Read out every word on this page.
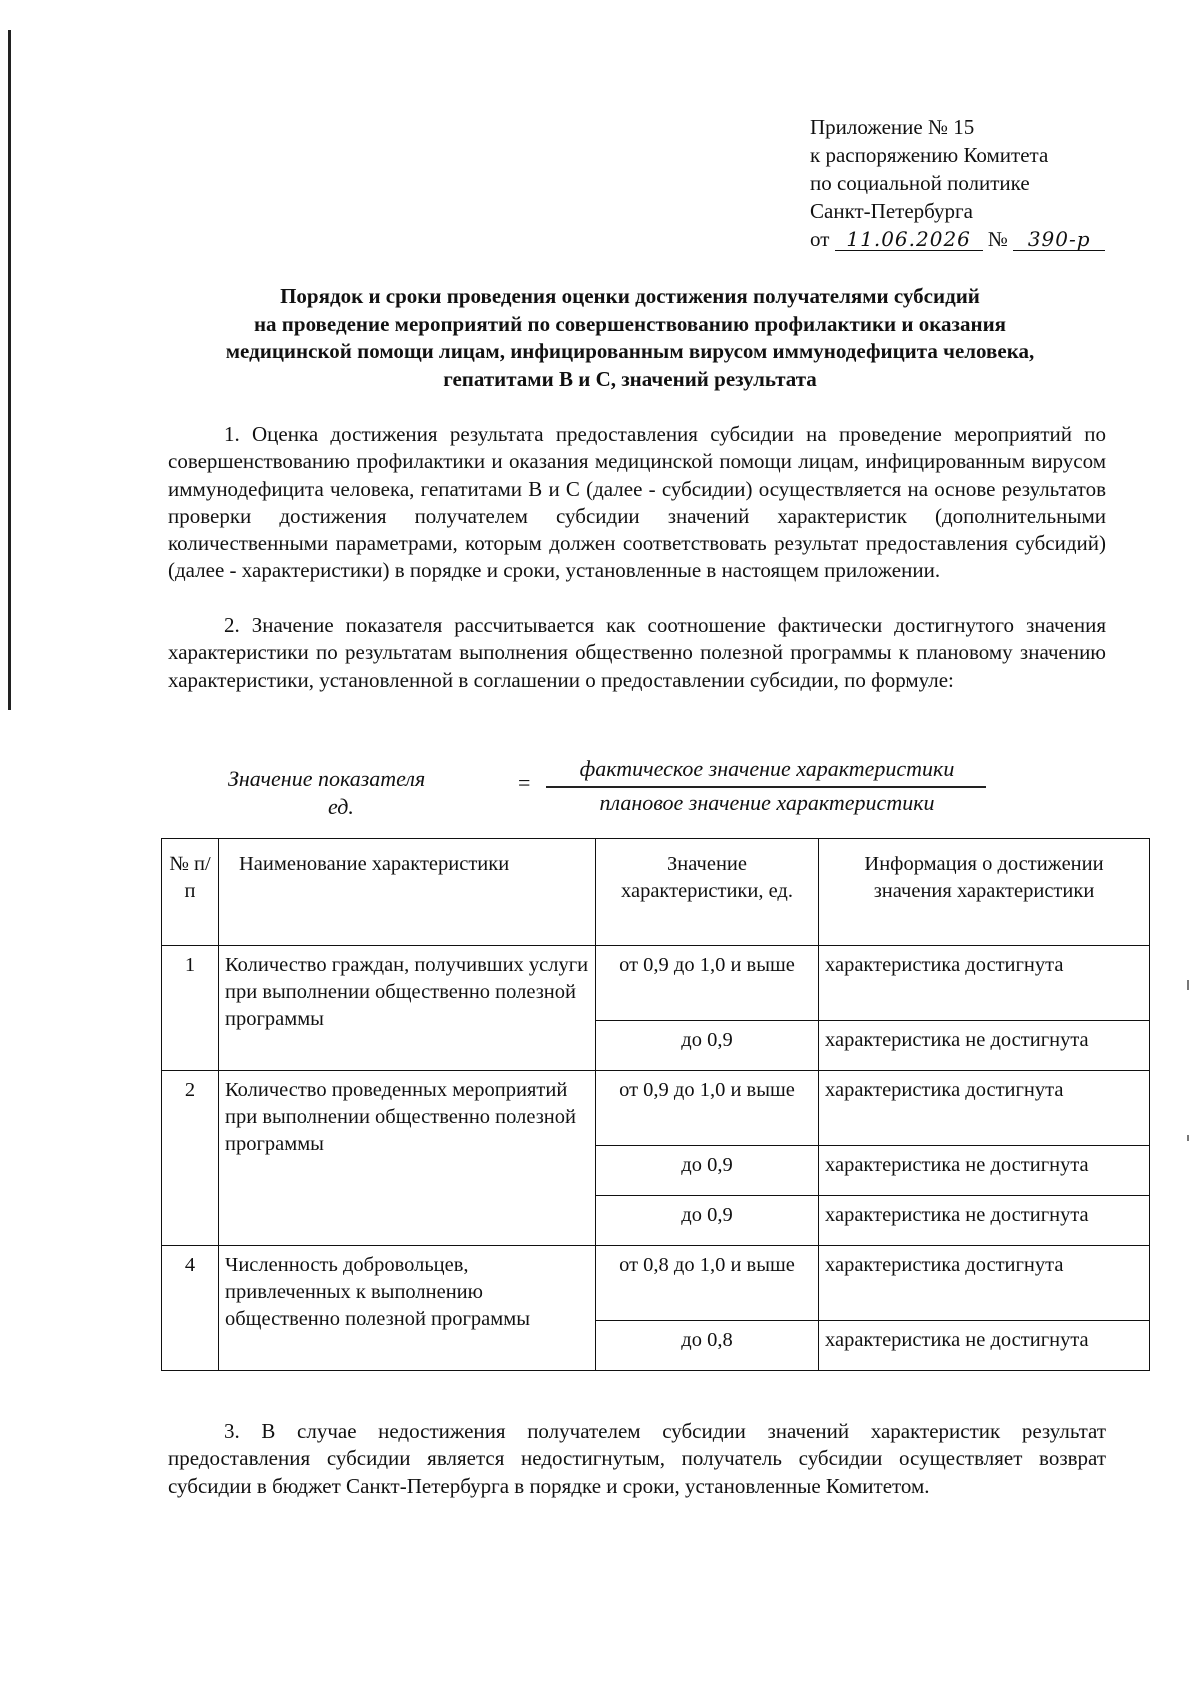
Приложение № 15
к распоряжению Комитета
по социальной политике
Санкт-Петербурга
от 11.06.2026 № 390-р
Порядок и сроки проведения оценки достижения получателями субсидий
на проведение мероприятий по совершенствованию профилактики и оказания
медицинской помощи лицам, инфицированным вирусом иммунодефицита человека,
гепатитами В и С, значений результата
1. Оценка достижения результата предоставления субсидии на проведение мероприятий по совершенствованию профилактики и оказания медицинской помощи лицам, инфицированным вирусом иммунодефицита человека, гепатитами В и С (далее - субсидии) осуществляется на основе результатов проверки достижения получателем субсидии значений характеристик (дополнительными количественными параметрами, которым должен соответствовать результат предоставления субсидий) (далее - характеристики) в порядке и сроки, установленные в настоящем приложении.
2. Значение показателя рассчитывается как соотношение фактически достигнутого значения характеристики по результатам выполнения общественно полезной программы к плановому значению характеристики, установленной в соглашении о предоставлении субсидии, по формуле:
Значение показателя
ед.
=
фактическое значение характеристики
плановое значение характеристики
№ п/п	Наименование характеристики	Значение характеристики, ед.	Информация о достижении значения характеристики
1	Количество граждан, получивших услуги при выполнении общественно полезной программы	от 0,9 до 1,0 и выше	характеристика достигнута
		до 0,9	характеристика не достигнута
2	Количество проведенных мероприятий при выполнении общественно полезной программы	от 0,9 до 1,0 и выше	характеристика достигнута
		до 0,9	характеристика не достигнута
		до 0,9	характеристика не достигнута
4	Численность добровольцев, привлеченных к выполнению общественно полезной программы	от 0,8 до 1,0 и выше	характеристика достигнута
		до 0,8	характеристика не достигнута
3. В случае недостижения получателем субсидии значений характеристик результат предоставления субсидии является недостигнутым, получатель субсидии осуществляет возврат субсидии в бюджет Санкт-Петербурга в порядке и сроки, установленные Комитетом.
